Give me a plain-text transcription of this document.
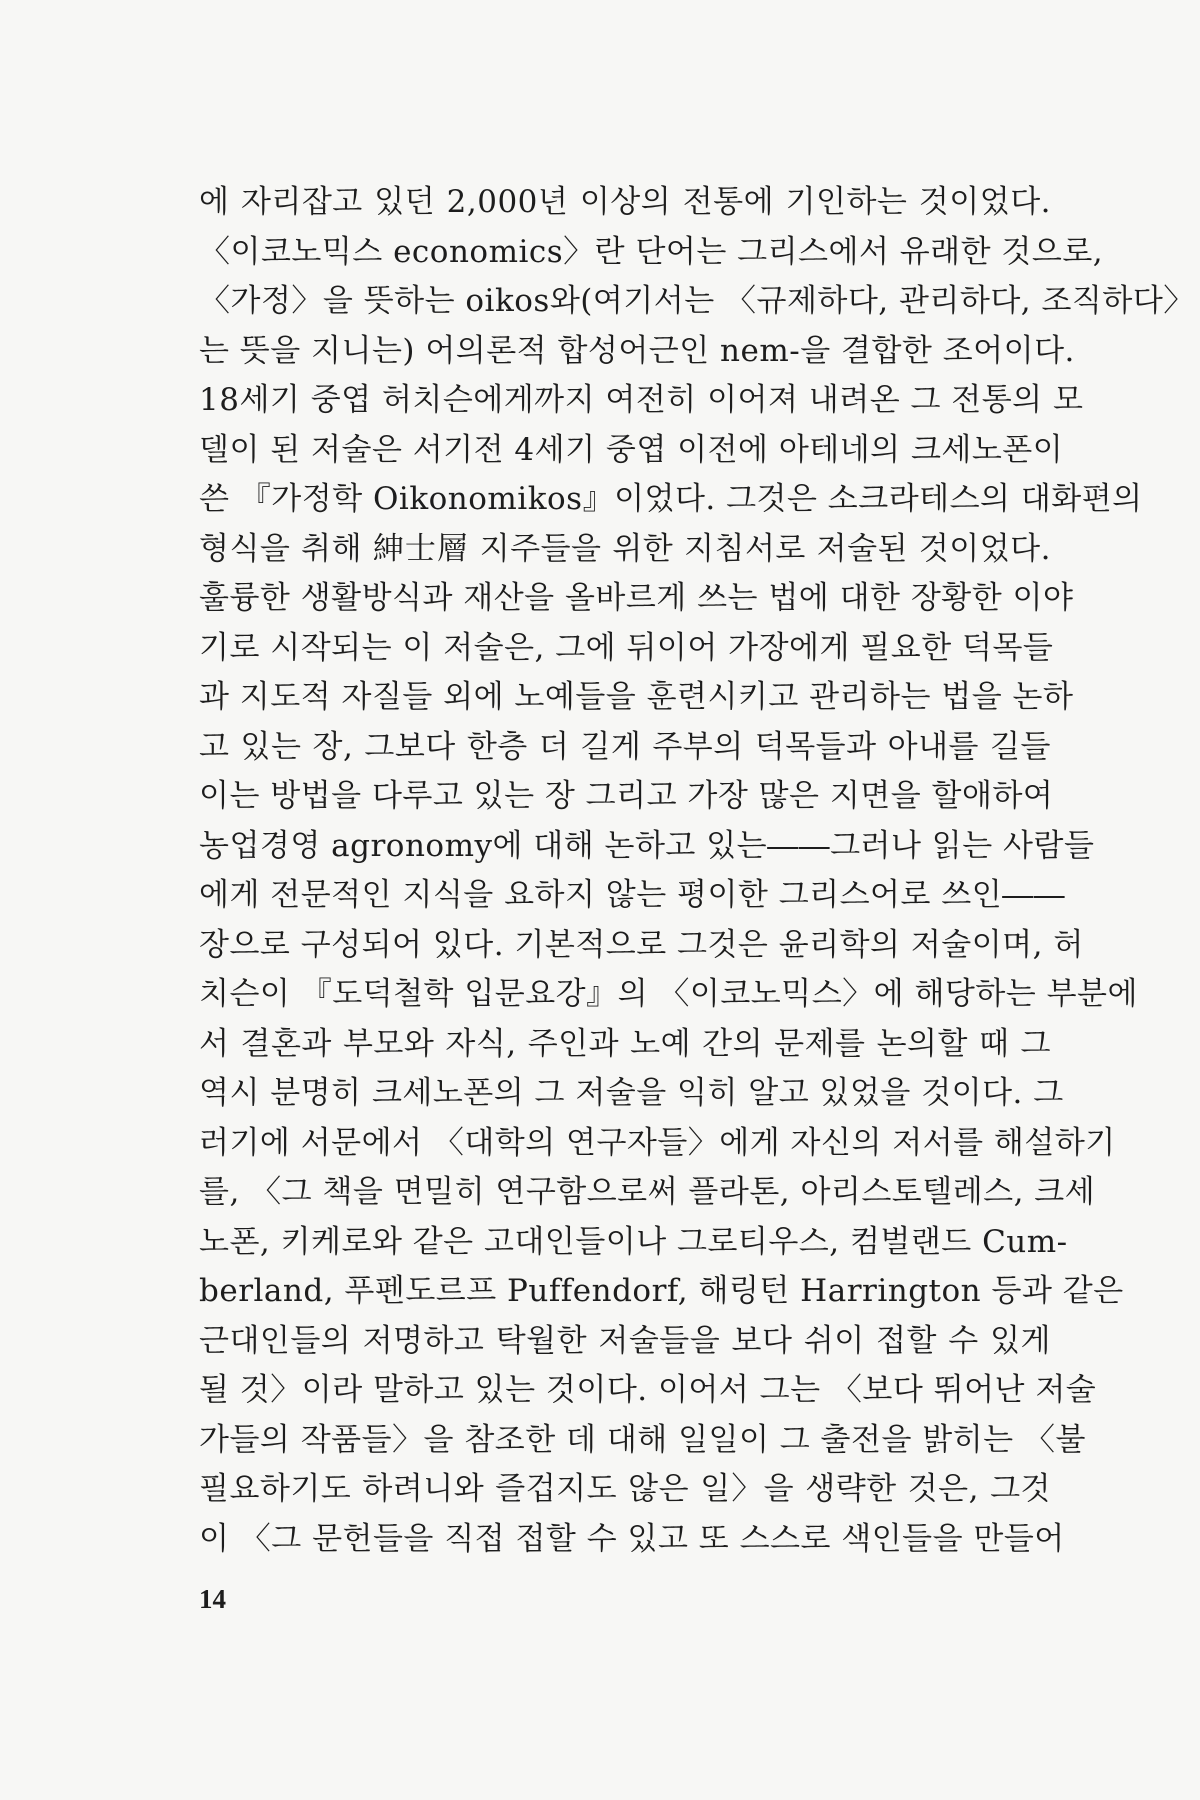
에 자리잡고 있던 2,000년 이상의 전통에 기인하는 것이었다.
〈이코노믹스 economics〉란 단어는 그리스에서 유래한 것으로,
〈가정〉을 뜻하는 oikos와(여기서는 〈규제하다, 관리하다, 조직하다〉
는 뜻을 지니는) 어의론적 합성어근인 nem-을 결합한 조어이다.
18세기 중엽 허치슨에게까지 여전히 이어져 내려온 그 전통의 모
델이 된 저술은 서기전 4세기 중엽 이전에 아테네의 크세노폰이
쓴 『가정학 Oikonomikos』이었다. 그것은 소크라테스의 대화편의
형식을 취해 紳士層 지주들을 위한 지침서로 저술된 것이었다.
훌륭한 생활방식과 재산을 올바르게 쓰는 법에 대한 장황한 이야
기로 시작되는 이 저술은, 그에 뒤이어 가장에게 필요한 덕목들
과 지도적 자질들 외에 노예들을 훈련시키고 관리하는 법을 논하
고 있는 장, 그보다 한층 더 길게 주부의 덕목들과 아내를 길들
이는 방법을 다루고 있는 장 그리고 가장 많은 지면을 할애하여
농업경영 agronomy에 대해 논하고 있는――그러나 읽는 사람들
에게 전문적인 지식을 요하지 않는 평이한 그리스어로 쓰인――
장으로 구성되어 있다. 기본적으로 그것은 윤리학의 저술이며, 허
치슨이 『도덕철학 입문요강』의 〈이코노믹스〉에 해당하는 부분에
서 결혼과 부모와 자식, 주인과 노예 간의 문제를 논의할 때 그
역시 분명히 크세노폰의 그 저술을 익히 알고 있었을 것이다. 그
러기에 서문에서 〈대학의 연구자들〉에게 자신의 저서를 해설하기
를, 〈그 책을 면밀히 연구함으로써 플라톤, 아리스토텔레스, 크세
노폰, 키케로와 같은 고대인들이나 그로티우스, 컴벌랜드 Cum-
berland, 푸펜도르프 Puffendorf, 해링턴 Harrington 등과 같은
근대인들의 저명하고 탁월한 저술들을 보다 쉬이 접할 수 있게
될 것〉이라 말하고 있는 것이다. 이어서 그는 〈보다 뛰어난 저술
가들의 작품들〉을 참조한 데 대해 일일이 그 출전을 밝히는 〈불
필요하기도 하려니와 즐겁지도 않은 일〉을 생략한 것은, 그것
이 〈그 문헌들을 직접 접할 수 있고 또 스스로 색인들을 만들어
14
